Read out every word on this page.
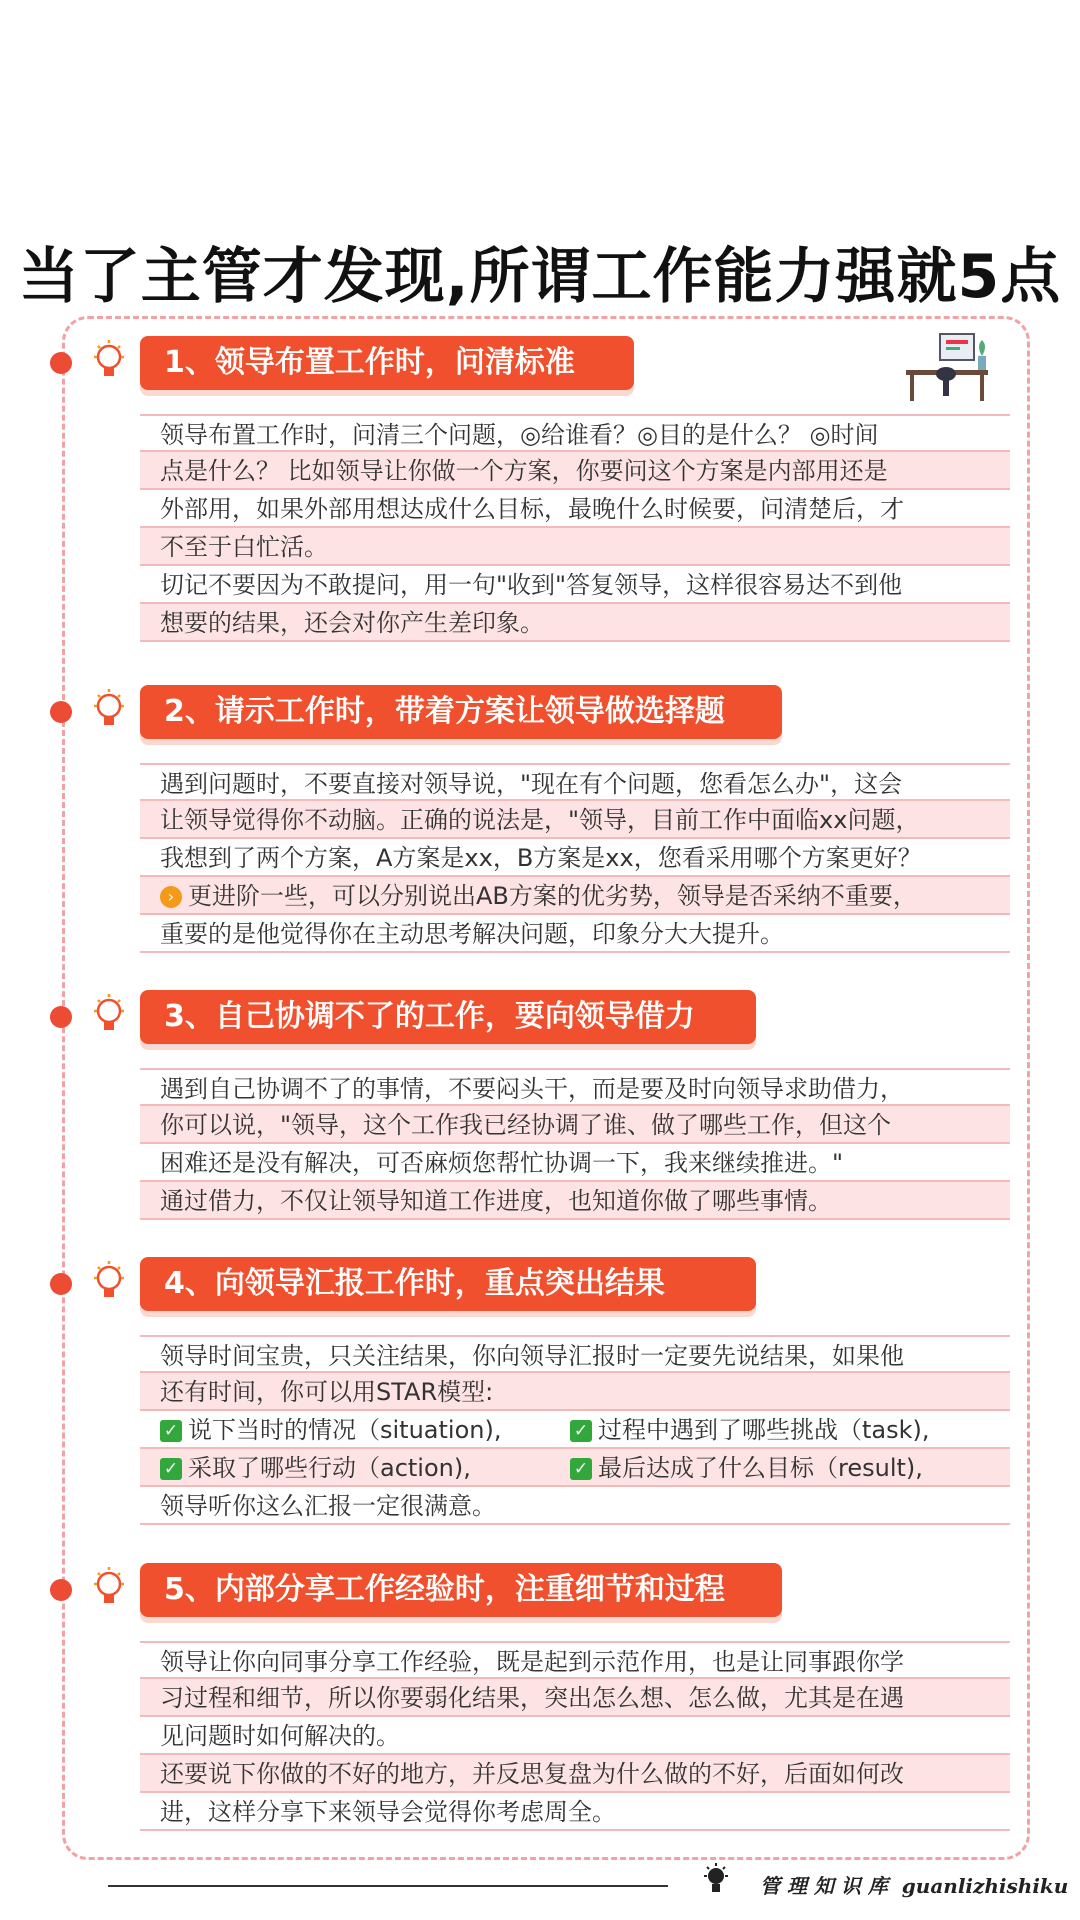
当了主管才发现,所谓工作能力强就5点
1、领导布置工作时，问清标准
领导布置工作时，问清三个问题，◎给谁看？◎目的是什么？ ◎时间
点是什么？ 比如领导让你做一个方案，你要问这个方案是内部用还是
外部用，如果外部用想达成什么目标，最晚什么时候要，问清楚后，才
不至于白忙活。
切记不要因为不敢提问，用一句"收到"答复领导，这样很容易达不到他
想要的结果，还会对你产生差印象。
2、请示工作时，带着方案让领导做选择题
遇到问题时，不要直接对领导说，"现在有个问题，您看怎么办"，这会
让领导觉得你不动脑。正确的说法是，"领导，目前工作中面临xx问题，
我想到了两个方案，A方案是xx，B方案是xx，您看采用哪个方案更好？
› 更进阶一些，可以分别说出AB方案的优劣势，领导是否采纳不重要，
重要的是他觉得你在主动思考解决问题，印象分大大提升。
3、自己协调不了的工作，要向领导借力
遇到自己协调不了的事情，不要闷头干，而是要及时向领导求助借力，
你可以说，"领导，这个工作我已经协调了谁、做了哪些工作，但这个
困难还是没有解决，可否麻烦您帮忙协调一下，我来继续推进。"
通过借力，不仅让领导知道工作进度，也知道你做了哪些事情。
4、向领导汇报工作时，重点突出结果
领导时间宝贵，只关注结果，你向领导汇报时一定要先说结果，如果他
还有时间，你可以用STAR模型:
✓ 说下当时的情况（situation),	✓ 过程中遇到了哪些挑战（task),
✓ 采取了哪些行动（action),	✓ 最后达成了什么目标（result),
领导听你这么汇报一定很满意。
5、内部分享工作经验时，注重细节和过程
领导让你向同事分享工作经验，既是起到示范作用，也是让同事跟你学
习过程和细节，所以你要弱化结果，突出怎么想、怎么做，尤其是在遇
见问题时如何解决的。
还要说下你做的不好的地方，并反思复盘为什么做的不好，后面如何改
进，这样分享下来领导会觉得你考虑周全。
管 理 知 识 库 guanlizhishiku
